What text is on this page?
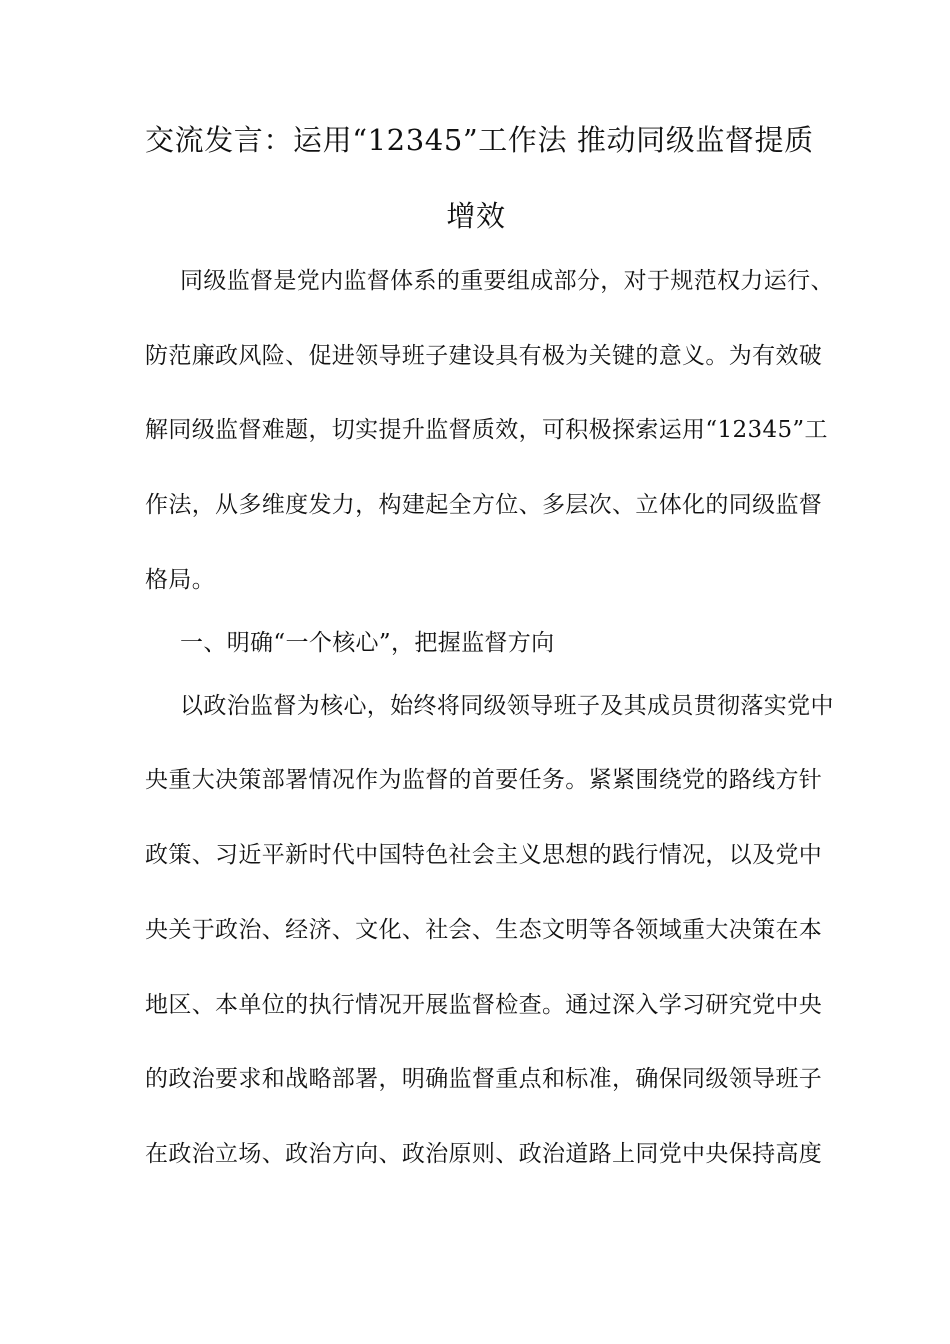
交流发言：运用“12345”工作法 推动同级监督提质
增效
同级监督是党内监督体系的重要组成部分，对于规范权力运行、
防范廉政风险、促进领导班子建设具有极为关键的意义。为有效破
解同级监督难题，切实提升监督质效，可积极探索运用“12345”工
作法，从多维度发力，构建起全方位、多层次、立体化的同级监督
格局。
一、明确“一个核心”，把握监督方向
以政治监督为核心，始终将同级领导班子及其成员贯彻落实党中
央重大决策部署情况作为监督的首要任务。紧紧围绕党的路线方针
政策、习近平新时代中国特色社会主义思想的践行情况，以及党中
央关于政治、经济、文化、社会、生态文明等各领域重大决策在本
地区、本单位的执行情况开展监督检查。通过深入学习研究党中央
的政治要求和战略部署，明确监督重点和标准，确保同级领导班子
在政治立场、政治方向、政治原则、政治道路上同党中央保持高度
